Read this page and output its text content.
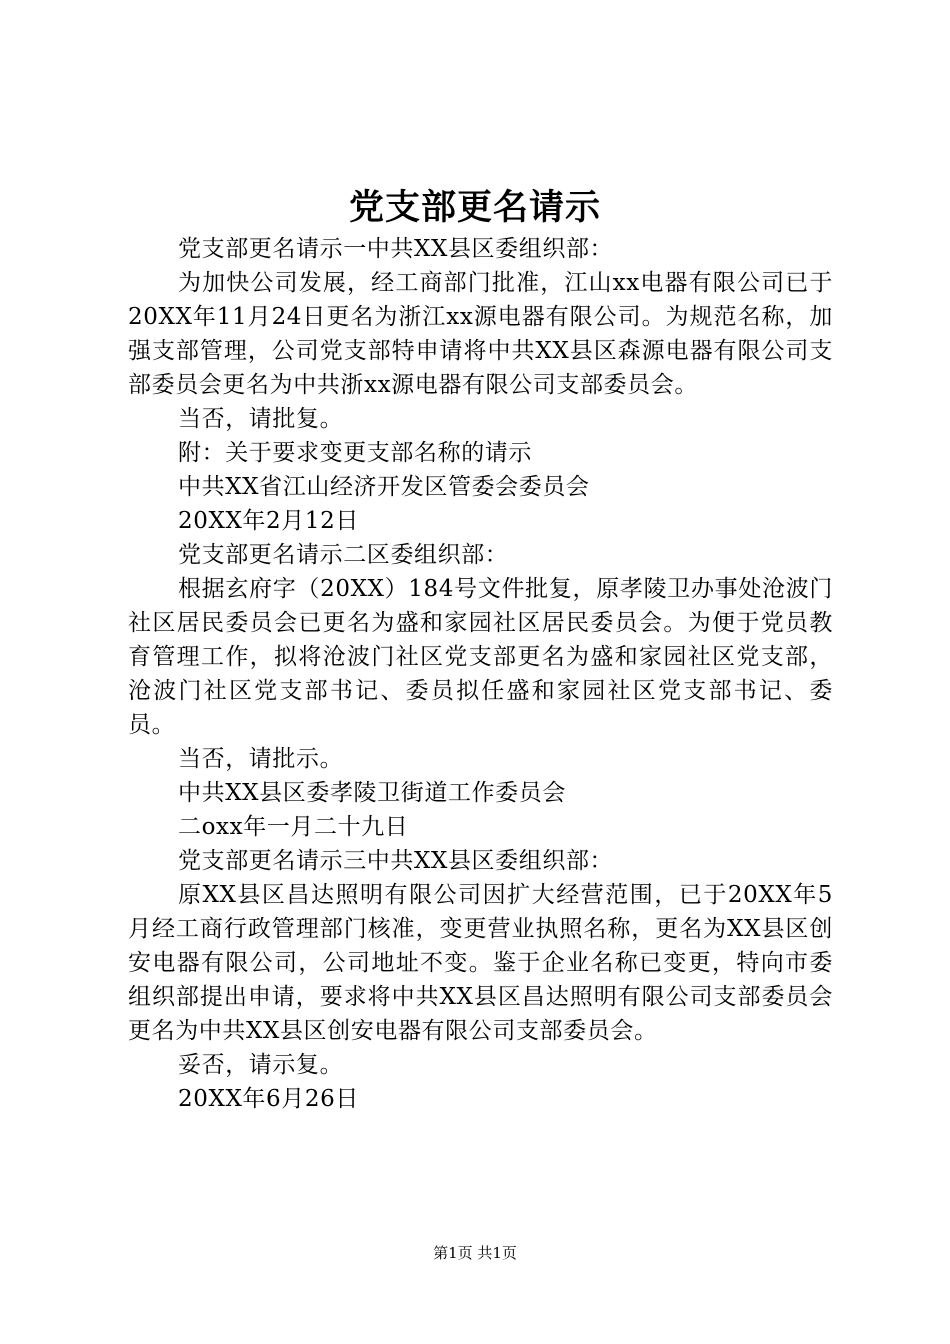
党支部更名请示

党支部更名请示一中共XX县区委组织部：

为加快公司发展，经工商部门批准，江山xx电器有限公司已于20XX年11月24日更名为浙江xx源电器有限公司。为规范名称，加强支部管理，公司党支部特申请将中共XX县区森源电器有限公司支部委员会更名为中共浙xx源电器有限公司支部委员会。

当否，请批复。

附：关于要求变更支部名称的请示

中共XX省江山经济开发区管委会委员会

20XX年2月12日

党支部更名请示二区委组织部：

根据玄府字（20XX）184号文件批复，原孝陵卫办事处沧波门社区居民委员会已更名为盛和家园社区居民委员会。为便于党员教育管理工作，拟将沧波门社区党支部更名为盛和家园社区党支部，沧波门社区党支部书记、委员拟任盛和家园社区党支部书记、委员。

当否，请批示。

中共XX县区委孝陵卫街道工作委员会

二oxx年一月二十九日

党支部更名请示三中共XX县区委组织部：

原XX县区昌达照明有限公司因扩大经营范围，已于20XX年5月经工商行政管理部门核准，变更营业执照名称，更名为XX县区创安电器有限公司，公司地址不变。鉴于企业名称已变更，特向市委组织部提出申请，要求将中共XX县区昌达照明有限公司支部委员会更名为中共XX县区创安电器有限公司支部委员会。

妥否，请示复。

20XX年6月26日

第1页 共1页
